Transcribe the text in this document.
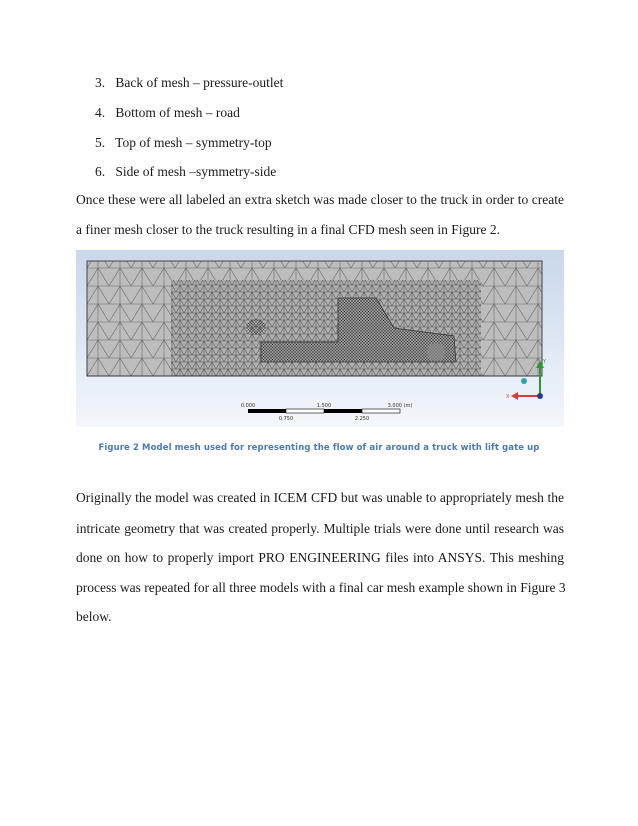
3. Back of mesh – pressure-outlet
4. Bottom of mesh – road
5. Top of mesh – symmetry-top
6. Side of mesh –symmetry-side
Once these were all labeled an extra sketch was made closer to the truck in order to create
a finer mesh closer to the truck resulting in a final CFD mesh seen in Figure 2.
0.000	1.500	3.000 (m)
0.750	2.250
Y
X
Figure 2 Model mesh used for representing the flow of air around a truck with lift gate up
Originally the model was created in ICEM CFD but was unable to appropriately mesh the
intricate geometry that was created properly. Multiple trials were done until research was
done on how to properly import PRO ENGINEERING files into ANSYS. This meshing
process was repeated for all three models with a final car mesh example shown in Figure 3
below.
